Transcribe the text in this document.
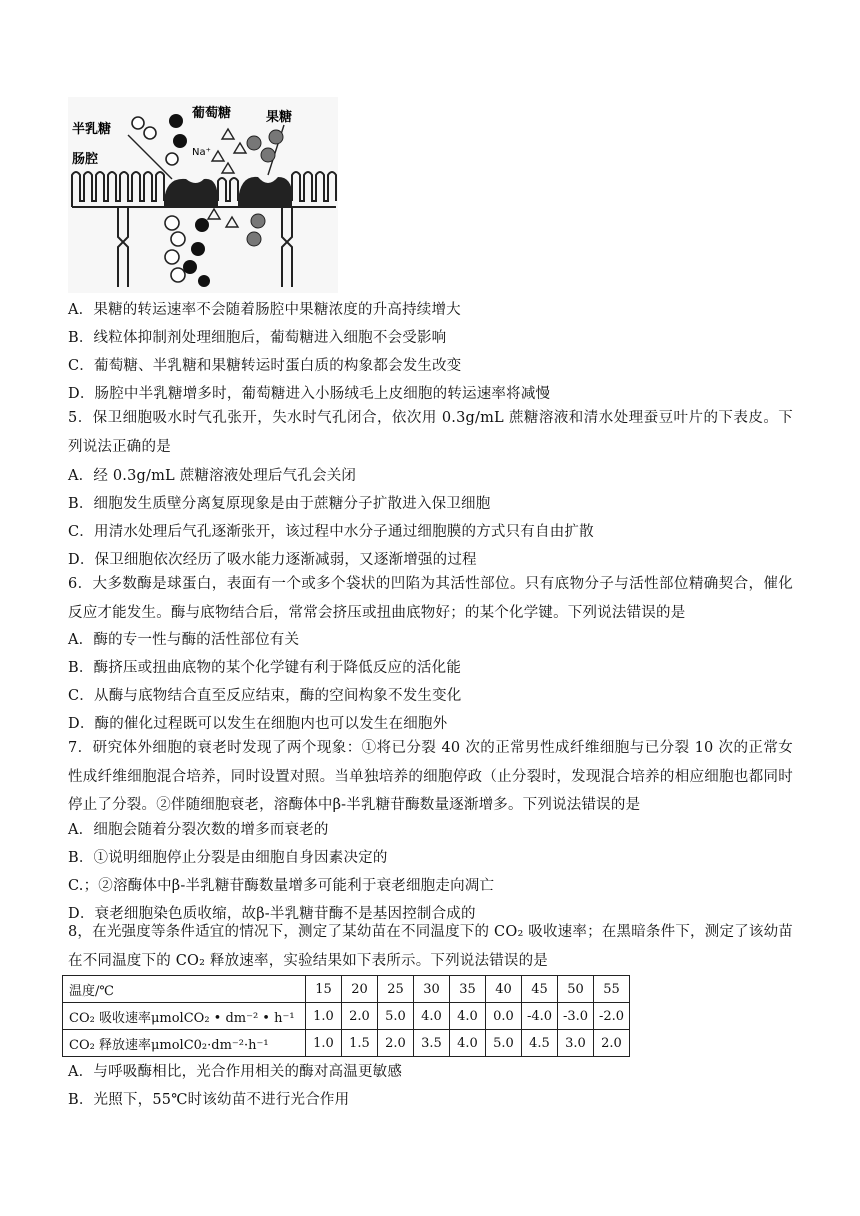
半乳糖
葡萄糖	果糖
肠腔	Na⁺
A．果糖的转运速率不会随着肠腔中果糖浓度的升高持续增大
B．线粒体抑制剂处理细胞后，葡萄糖进入细胞不会受影响
C．葡萄糖、半乳糖和果糖转运时蛋白质的构象都会发生改变
D．肠腔中半乳糖增多时，葡萄糖进入小肠绒毛上皮细胞的转运速率将减慢
5．保卫细胞吸水时气孔张开，失水时气孔闭合，依次用 0.3g/mL 蔗糖溶液和清水处理蚕豆叶片的下表皮。下列说法正确的是
A．经 0.3g/mL 蔗糖溶液处理后气孔会关闭
B．细胞发生质壁分离复原现象是由于蔗糖分子扩散进入保卫细胞
C．用清水处理后气孔逐渐张开，该过程中水分子通过细胞膜的方式只有自由扩散
D．保卫细胞依次经历了吸水能力逐渐减弱，又逐渐增强的过程
6．大多数酶是球蛋白，表面有一个或多个袋状的凹陷为其活性部位。只有底物分子与活性部位精确契合，催化反应才能发生。酶与底物结合后，常常会挤压或扭曲底物好；的某个化学键。下列说法错误的是
A．酶的专一性与酶的活性部位有关
B．酶挤压或扭曲底物的某个化学键有利于降低反应的活化能
C．从酶与底物结合直至反应结束，酶的空间构象不发生变化
D．酶的催化过程既可以发生在细胞内也可以发生在细胞外
7．研究体外细胞的衰老时发现了两个现象：①将已分裂 40 次的正常男性成纤维细胞与已分裂 10 次的正常女性成纤维细胞混合培养，同时设置对照。当单独培养的细胞停政（止分裂时，发现混合培养的相应细胞也都同时停止了分裂。②伴随细胞衰老，溶酶体中β-半乳糖苷酶数量逐渐增多。下列说法错误的是
A．细胞会随着分裂次数的增多而衰老的
B．①说明细胞停止分裂是由细胞自身因素决定的
C.；②溶酶体中β-半乳糖苷酶数量增多可能利于衰老细胞走向凋亡
D．衰老细胞染色质收缩，故β-半乳糖苷酶不是基因控制合成的
8，在光强度等条件适宜的情况下，测定了某幼苗在不同温度下的 CO₂ 吸收速率；在黑暗条件下，测定了该幼苗在不同温度下的 CO₂ 释放速率，实验结果如下表所示。下列说法错误的是
温度/℃	15	20	25	30	35	40	45	50	55
CO₂ 吸收速率μmolCO₂ • dm⁻² • h⁻¹	1.0	2.0	5.0	4.0	4.0	0.0	-4.0	-3.0	-2.0
CO₂ 释放速率μmolC0₂·dm⁻²·h⁻¹	1.0	1.5	2.0	3.5	4.0	5.0	4.5	3.0	2.0
A．与呼吸酶相比，光合作用相关的酶对高温更敏感
B．光照下，55℃时该幼苗不进行光合作用
